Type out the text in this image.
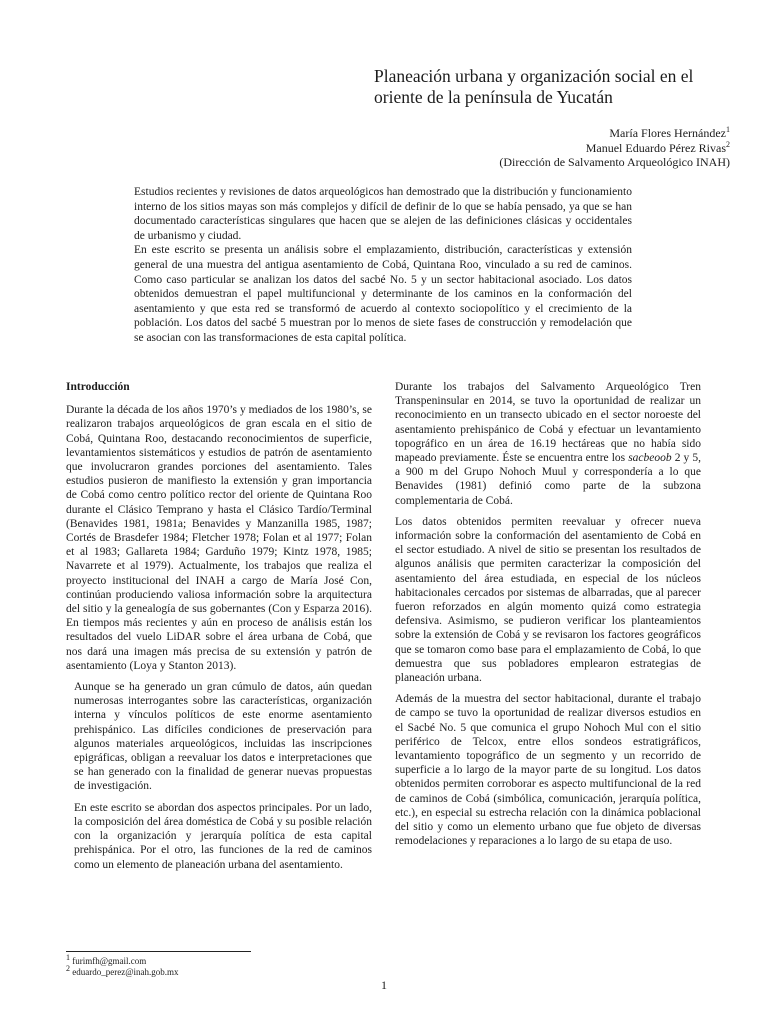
Planeación urbana y organización social en el oriente de la península de Yucatán
María Flores Hernández$^1$
Manuel Eduardo Pérez Rivas$^2$
(Dirección de Salvamento Arqueológico INAH)

Estudios recientes y revisiones de datos arqueológicos han demostrado que la distribución y funcionamiento interno de los sitios mayas son más complejos y difícil de definir de lo que se había pensado, ya que se han documentado características singulares que hacen que se alejen de las definiciones clásicas y occidentales de urbanismo y ciudad.

En este escrito se presenta un análisis sobre el emplazamiento, distribución, características y extensión general de una muestra del antigua asentamiento de Cobá, Quintana Roo, vinculado a su red de caminos. Como caso particular se analizan los datos del sacbé No. 5 y un sector habitacional asociado. Los datos obtenidos demuestran el papel multifuncional y determinante de los caminos en la conformación del asentamiento y que esta red se transformó de acuerdo al contexto sociopolítico y el crecimiento de la población. Los datos del sacbé 5 muestran por lo menos de siete fases de construcción y remodelación que se asocian con las transformaciones de esta capital política.

Introducción

Durante la década de los años 1970’s y mediados de los 1980’s, se realizaron trabajos arqueológicos de gran escala en el sitio de Cobá, Quintana Roo, destacando reconocimientos de superficie, levantamientos sistemáticos y estudios de patrón de asentamiento que involucraron grandes porciones del asentamiento. Tales estudios pusieron de manifiesto la extensión y gran importancia de Cobá como centro político rector del oriente de Quintana Roo durante el Clásico Temprano y hasta el Clásico Tardío/Terminal (Benavides 1981, 1981a; Benavides y Manzanilla 1985, 1987; Cortés de Brasdefer 1984; Fletcher 1978; Folan et al 1977; Folan et al 1983; Gallareta 1984; Garduño 1979; Kintz 1978, 1985; Navarrete et al 1979). Actualmente, los trabajos que realiza el proyecto institucional del INAH a cargo de María José Con, continúan produciendo valiosa información sobre la arquitectura del sitio y la genealogía de sus gobernantes (Con y Esparza 2016). En tiempos más recientes y aún en proceso de análisis están los resultados del vuelo LiDAR sobre el área urbana de Cobá, que nos dará una imagen más precisa de su extensión y patrón de asentamiento (Loya y Stanton 2013).

Aunque se ha generado un gran cúmulo de datos, aún quedan numerosas interrogantes sobre las características, organización interna y vínculos políticos de este enorme asentamiento prehispánico. Las difíciles condiciones de preservación para algunos materiales arqueológicos, incluidas las inscripciones epigráficas, obligan a reevaluar los datos e interpretaciones que se han generado con la finalidad de generar nuevas propuestas de investigación.

En este escrito se abordan dos aspectos principales. Por un lado, la composición del área doméstica de Cobá y su posible relación con la organización y jerarquía política de esta capital prehispánica. Por el otro, las funciones de la red de caminos como un elemento de planeación urbana del asentamiento.

Durante los trabajos del Salvamento Arqueológico Tren Transpeninsular en 2014, se tuvo la oportunidad de realizar un reconocimiento en un transecto ubicado en el sector noroeste del asentamiento prehispánico de Cobá y efectuar un levantamiento topográfico en un área de 16.19 hectáreas que no había sido mapeado previamente. Éste se encuentra entre los sacbeoob 2 y 5, a 900 m del Grupo Nohoch Muul y correspondería a lo que Benavides (1981) definió como parte de la subzona complementaria de Cobá.

Los datos obtenidos permiten reevaluar y ofrecer nueva información sobre la conformación del asentamiento de Cobá en el sector estudiado. A nivel de sitio se presentan los resultados de algunos análisis que permiten caracterizar la composición del asentamiento del área estudiada, en especial de los núcleos habitacionales cercados por sistemas de albarradas, que al parecer fueron reforzados en algún momento quizá como estrategia defensiva. Asimismo, se pudieron verificar los planteamientos sobre la extensión de Cobá y se revisaron los factores geográficos que se tomaron como base para el emplazamiento de Cobá, lo que demuestra que sus pobladores emplearon estrategias de planeación urbana.

Además de la muestra del sector habitacional, durante el trabajo de campo se tuvo la oportunidad de realizar diversos estudios en el Sacbé No. 5 que comunica el grupo Nohoch Mul con el sitio periférico de Telcox, entre ellos sondeos estratigráficos, levantamiento topográfico de un segmento y un recorrido de superficie a lo largo de la mayor parte de su longitud. Los datos obtenidos permiten corroborar es aspecto multifuncional de la red de caminos de Cobá (simbólica, comunicación, jerarquía política, etc.), en especial su estrecha relación con la dinámica poblacional del sitio y como un elemento urbano que fue objeto de diversas remodelaciones y reparaciones a lo largo de su etapa de uso.

$^1$ furimfh@gmail.com
$^2$ eduardo_perez@inah.gob.mx
1
